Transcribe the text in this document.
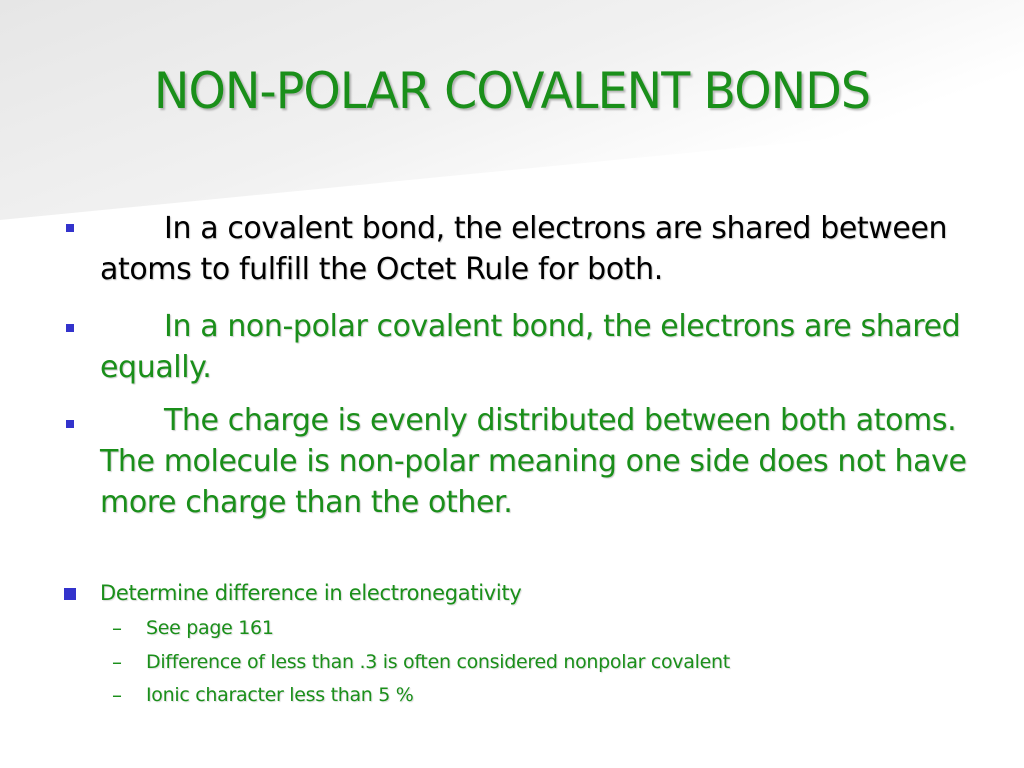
NON-POLAR COVALENT BONDS
In a covalent bond, the electrons are shared between atoms to fulfill the Octet Rule for both.
In a non-polar covalent bond, the electrons are shared equally.
The charge is evenly distributed between both atoms. The molecule is non-polar meaning one side does not have more charge than the other.
Determine difference in electronegativity
– See page 161
– Difference of less than .3 is often considered nonpolar covalent
– Ionic character less than 5 %
